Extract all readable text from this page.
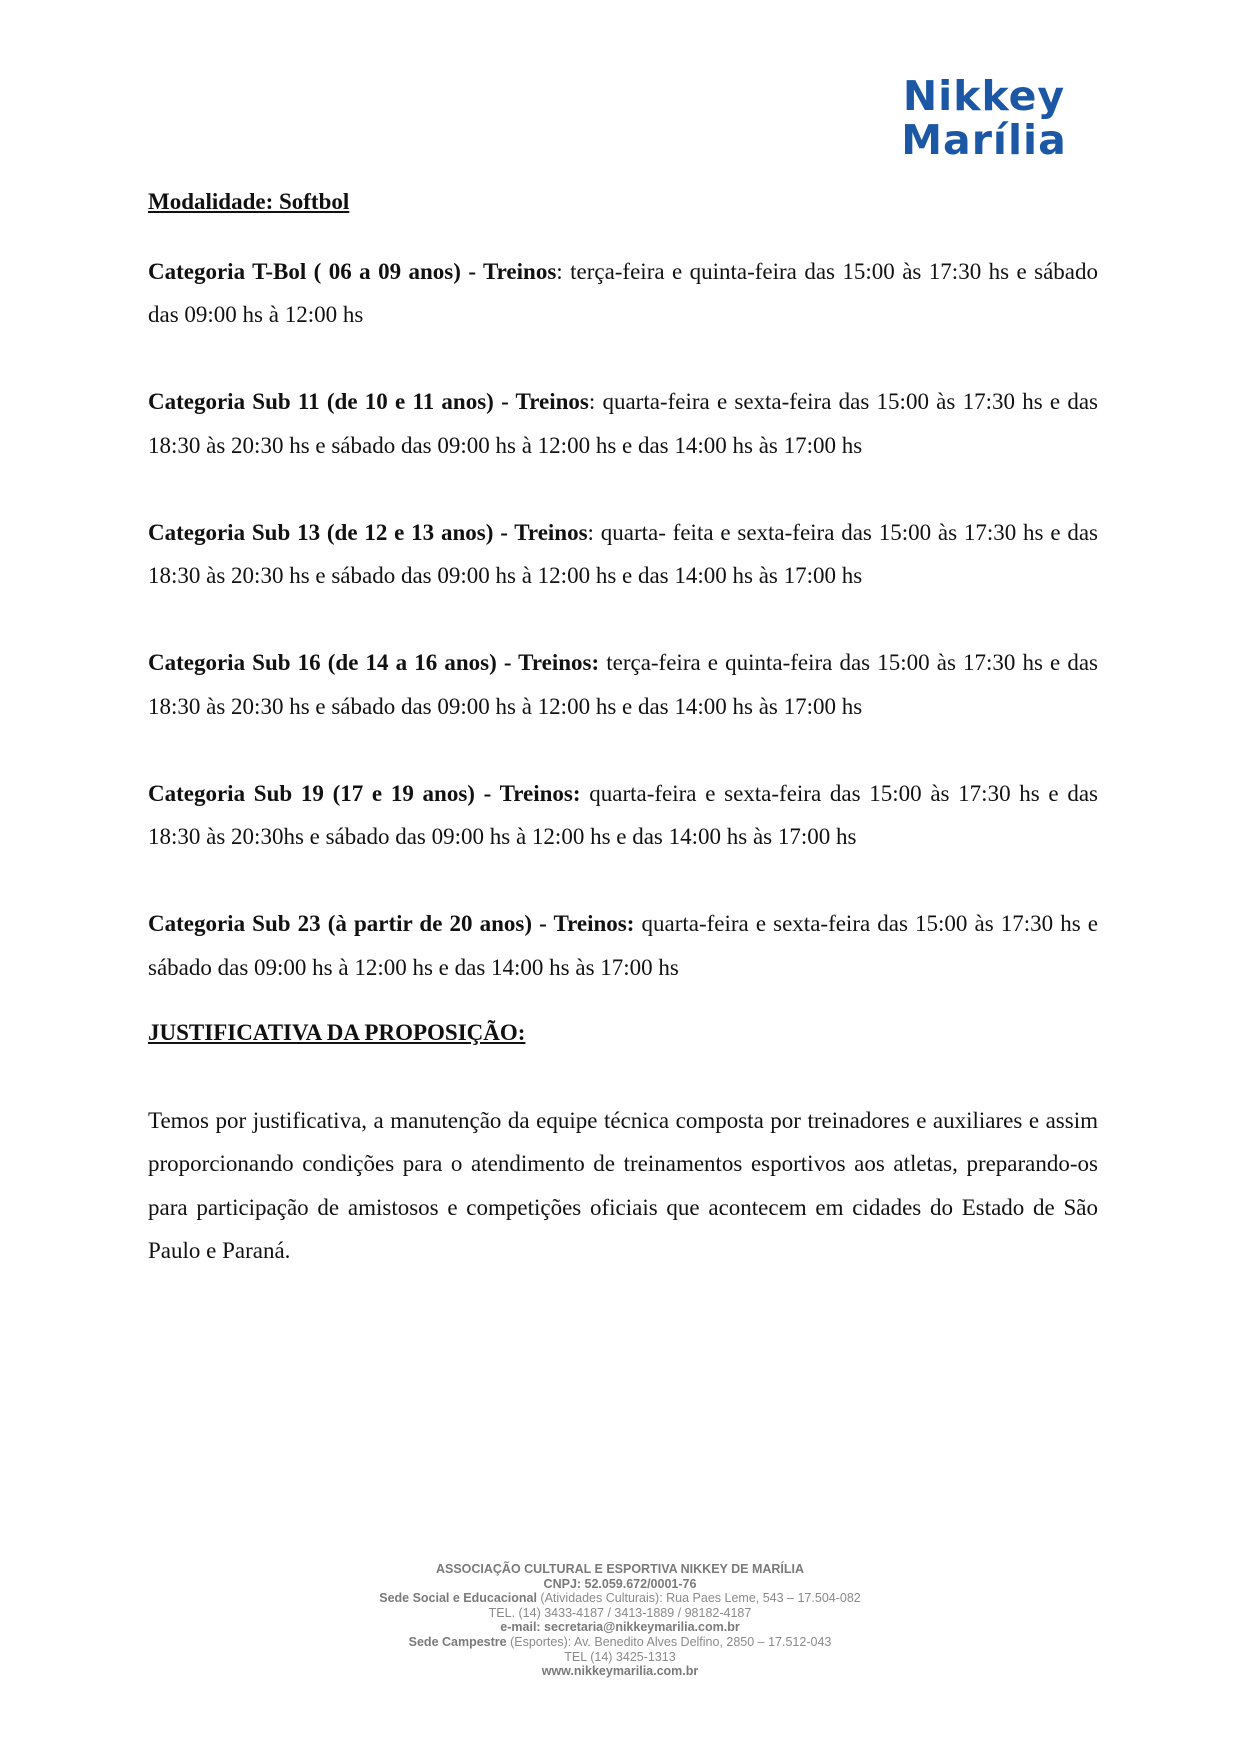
Nikkey
Marília

Modalidade: Softbol

Categoria T-Bol ( 06 a 09 anos) - Treinos: terça-feira e quinta-feira das 15:00 às 17:30 hs e sábado das 09:00 hs à 12:00 hs

Categoria Sub 11 (de 10 e 11 anos) - Treinos: quarta-feira e sexta-feira das 15:00 às 17:30 hs e das 18:30 às 20:30 hs e sábado das 09:00 hs à 12:00 hs e das 14:00 hs às 17:00 hs

Categoria Sub 13 (de 12 e 13 anos) - Treinos: quarta- feita e sexta-feira das 15:00 às 17:30 hs e das 18:30 às 20:30 hs e sábado das 09:00 hs à 12:00 hs e das 14:00 hs às 17:00 hs

Categoria Sub 16 (de 14 a 16 anos) - Treinos: terça-feira e quinta-feira das 15:00 às 17:30 hs e das 18:30 às 20:30 hs e sábado das 09:00 hs à 12:00 hs e das 14:00 hs às 17:00 hs

Categoria Sub 19 (17 e 19 anos) - Treinos: quarta-feira e sexta-feira das 15:00 às 17:30 hs e das 18:30 às 20:30hs e sábado das 09:00 hs à 12:00 hs e das 14:00 hs às 17:00 hs

Categoria Sub 23 (à partir de 20 anos) - Treinos: quarta-feira e sexta-feira das 15:00 às 17:30 hs e sábado das 09:00 hs à 12:00 hs e das 14:00 hs às 17:00 hs

JUSTIFICATIVA DA PROPOSIÇÃO:

Temos por justificativa, a manutenção da equipe técnica composta por treinadores e auxiliares e assim proporcionando condições para o atendimento de treinamentos esportivos aos atletas, preparando-os para participação de amistosos e competições oficiais que acontecem em cidades do Estado de São Paulo e Paraná.

ASSOCIAÇÃO CULTURAL E ESPORTIVA NIKKEY DE MARÍLIA
CNPJ: 52.059.672/0001-76
Sede Social e Educacional (Atividades Culturais): Rua Paes Leme, 543 – 17.504-082
TEL. (14) 3433-4187 / 3413-1889 / 98182-4187
e-mail: secretaria@nikkeymarilia.com.br
Sede Campestre (Esportes): Av. Benedito Alves Delfino, 2850 – 17.512-043
TEL (14) 3425-1313
www.nikkeymarilia.com.br
